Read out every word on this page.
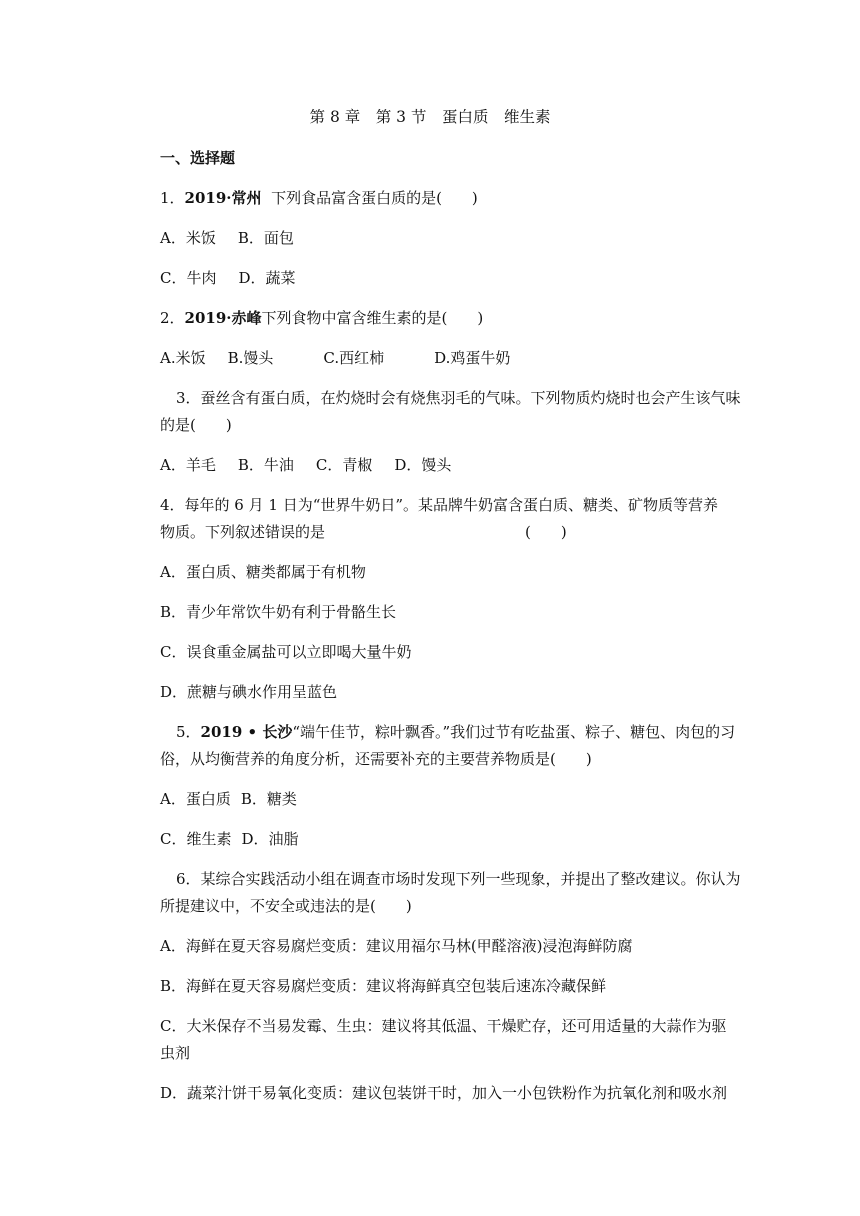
第 8 章　第 3 节　蛋白质　维生素
一、选择题
1．2019·常州  下列食品富含蛋白质的是(　　)
A．米饭 B．面包
C．牛肉 D．蔬菜
2．2019·赤峰下列食物中富含维生素的是(　　)
A.米饭 B.馒头	C.西红柿	D.鸡蛋牛奶
3．蚕丝含有蛋白质，在灼烧时会有烧焦羽毛的气味。下列物质灼烧时也会产生该气味
的是(　　)
A．羊毛 B．牛油 C．青椒 D．馒头
4．每年的 6 月 1 日为“世界牛奶日”。某品牌牛奶富含蛋白质、糖类、矿物质等营养
物质。下列叙述错误的是	(　　)
A．蛋白质、糖类都属于有机物
B．青少年常饮牛奶有利于骨骼生长
C．误食重金属盐可以立即喝大量牛奶
D．蔗糖与碘水作用呈蓝色
5．2019 • 长沙“端午佳节，粽叶飘香。”我们过节有吃盐蛋、粽子、糖包、肉包的习
俗，从均衡营养的角度分析，还需要补充的主要营养物质是(　　)
A．蛋白质 B．糖类
C．维生素 D．油脂
6．某综合实践活动小组在调查市场时发现下列一些现象，并提出了整改建议。你认为
所提建议中，不安全或违法的是(　　)
A．海鲜在夏天容易腐烂变质：建议用福尔马林(甲醛溶液)浸泡海鲜防腐
B．海鲜在夏天容易腐烂变质：建议将海鲜真空包装后速冻冷藏保鲜
C．大米保存不当易发霉、生虫：建议将其低温、干燥贮存，还可用适量的大蒜作为驱
虫剂
D．蔬菜汁饼干易氧化变质：建议包装饼干时，加入一小包铁粉作为抗氧化剂和吸水剂
